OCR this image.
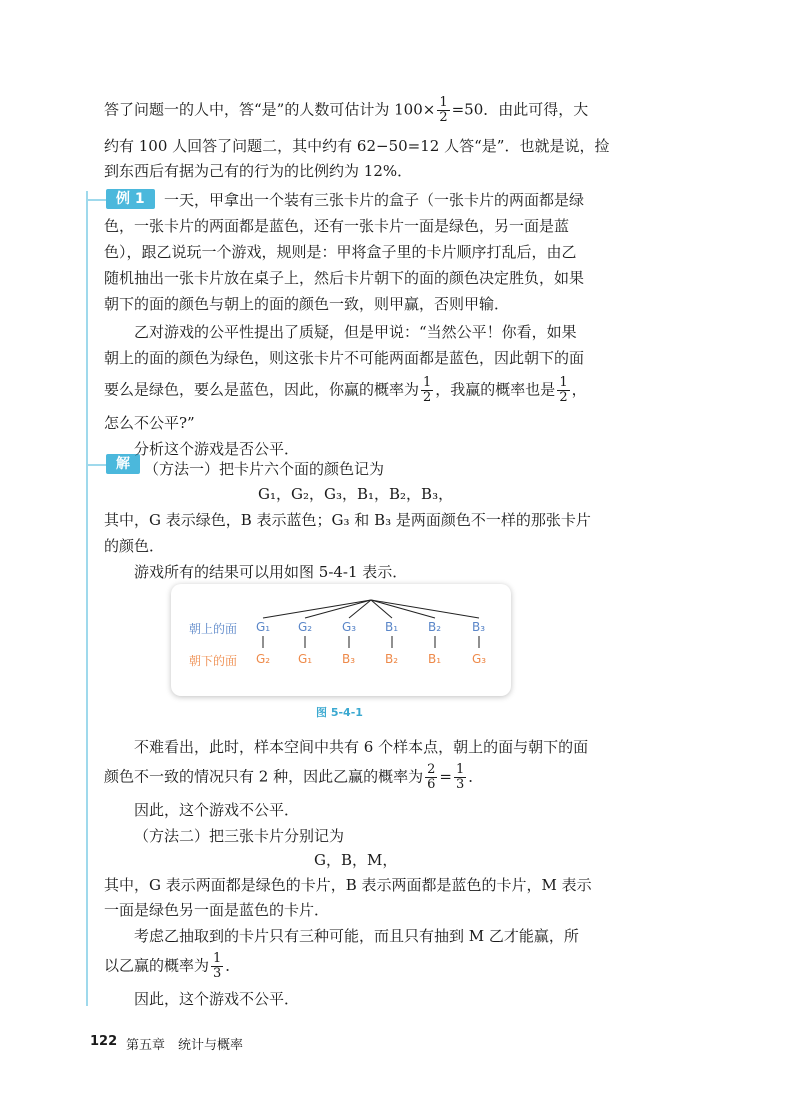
答了问题一的人中，答“是”的人数可估计为 $100\times \frac{1}{2} =50$．由此可得，大
约有 100 人回答了问题二，其中约有 62−50=12 人答“是”．也就是说，捡
到东西后有据为己有的行为的比例约为 12%．
例 1
解
一天，甲拿出一个装有三张卡片的盒子（一张卡片的两面都是绿
色，一张卡片的两面都是蓝色，还有一张卡片一面是绿色，另一面是蓝
色），跟乙说玩一个游戏，规则是：甲将盒子里的卡片顺序打乱后，由乙
随机抽出一张卡片放在桌子上，然后卡片朝下的面的颜色决定胜负，如果
朝下的面的颜色与朝上的面的颜色一致，则甲赢，否则甲输．
乙对游戏的公平性提出了质疑，但是甲说：“当然公平！你看，如果
朝上的面的颜色为绿色，则这张卡片不可能两面都是蓝色，因此朝下的面
要么是绿色，要么是蓝色，因此，你赢的概率为 $\frac{1}{2}$ ，我赢的概率也是 $\frac{1}{2}$ ，
怎么不公平?”
分析这个游戏是否公平．
（方法一）把卡片六个面的颜色记为
G₁，G₂，G₃，B₁，B₂，B₃，
其中，G 表示绿色，B 表示蓝色；G₃ 和 B₃ 是两面颜色不一样的那张卡片
的颜色．
游戏所有的结果可以用如图 5-4-1 表示．
朝上的面
朝下的面
G₁ G₂ G₃ B₁ B₂	B₃
G₂ G₁ B₃ B₂ B₁	G₃
图 5-4-1
不难看出，此时，样本空间中共有 6 个样本点，朝上的面与朝下的面
颜色不一致的情况只有 2 种，因此乙赢的概率为 $\frac{2}{6} = \frac{1}{3}$ ．
因此，这个游戏不公平．
（方法二）把三张卡片分别记为
G，B，M，
其中，G 表示两面都是绿色的卡片，B 表示两面都是蓝色的卡片，M 表示
一面是绿色另一面是蓝色的卡片．
考虑乙抽取到的卡片只有三种可能，而且只有抽到 M 乙才能赢，所
以乙赢的概率为 $\frac{1}{3}$ ．
因此，这个游戏不公平．
122 第五章　统计与概率
